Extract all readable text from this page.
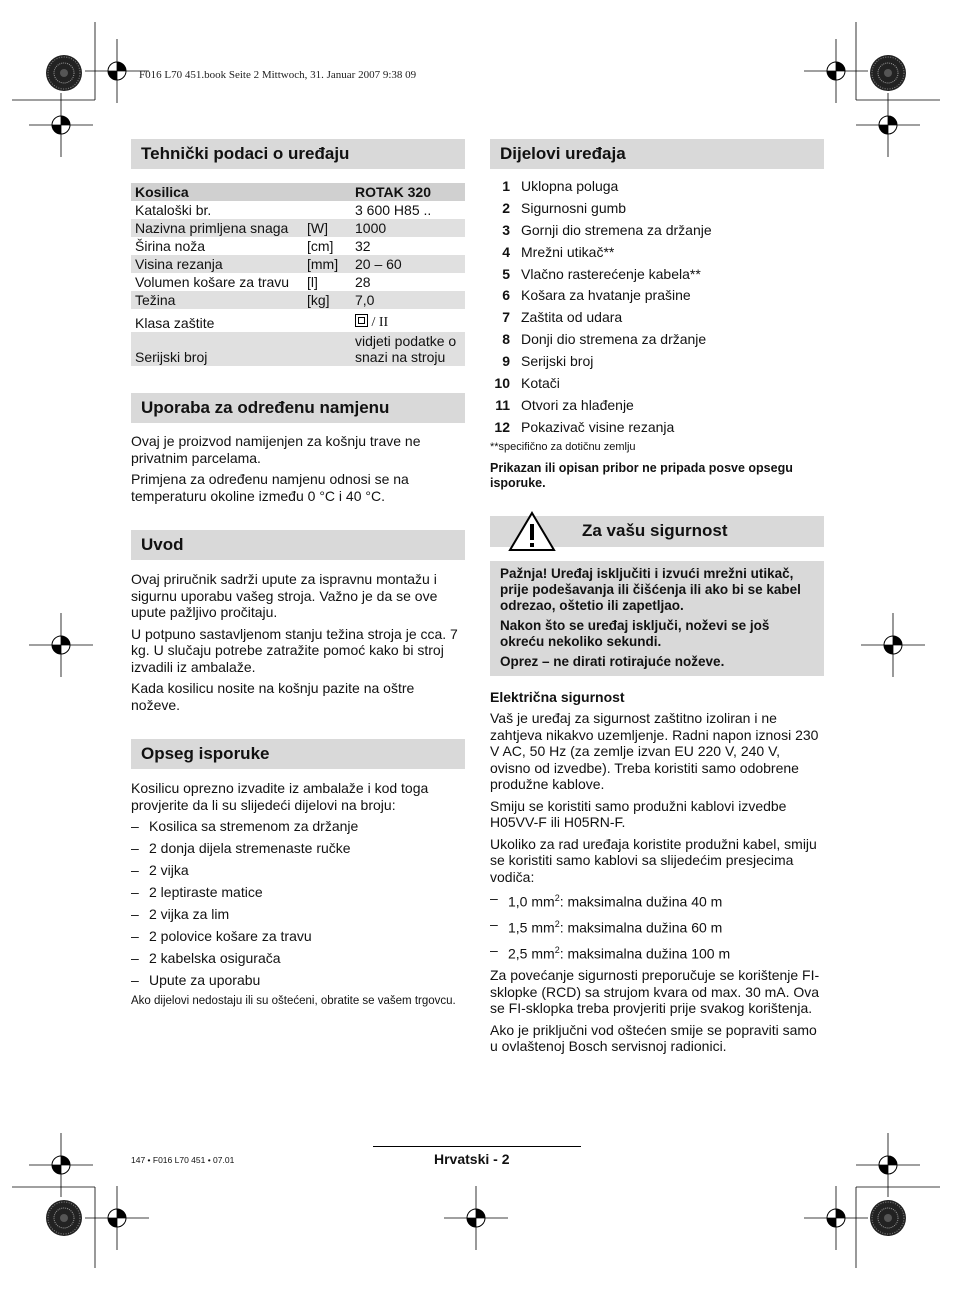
F016 L70 451.book Seite 2 Mittwoch, 31. Januar 2007 9:38 09
Tehnički podaci o uređaju
Kosilica		ROTAK 320
Kataloški br.		3 600 H85 ..
Nazivna primljena snaga	[W]	1000
Širina noža	[cm]	32
Visina rezanja	[mm]	20 – 60
Volumen košare za travu	[l]	28
Težina	[kg]	7,0
Klasa zaštite		/ II
Serijski broj		vidjeti podatke o snazi na stroju
Uporaba za određenu namjenu

Ovaj je proizvod namijenjen za košnju trave ne privatnim parcelama.

Primjena za određenu namjenu odnosi se na temperaturu okoline između 0 °C i 40 °C.

Uvod

Ovaj priručnik sadrži upute za ispravnu montažu i sigurnu uporabu vašeg stroja. Važno je da se ove upute pažljivo pročitaju.

U potpuno sastavljenom stanju težina stroja je cca. 7 kg. U slučaju potrebe zatražite pomoć kako bi stroj izvadili iz ambalaže.

Kada kosilicu nosite na košnju pazite na oštre noževe.

Opseg isporuke

Kosilicu oprezno izvadite iz ambalaže i kod toga provjerite da li su slijedeći dijelovi na broju:

– Kosilica sa stremenom za držanje
– 2 donja dijela stremenaste ručke
– 2 vijka
– 2 leptiraste matice
– 2 vijka za lim
– 2 polovice košare za travu
– 2 kabelska osigurača
– Upute za uporabu

Ako dijelovi nedostaju ili su oštećeni, obratite se vašem trgovcu.

Dijelovi uređaja
1 Uklopna poluga
2 Sigurnosni gumb
3 Gornji dio stremena za držanje
4 Mrežni utikač**
5 Vlačno rasterećenje kabela**
6 Košara za hvatanje prašine
7 Zaštita od udara
8 Donji dio stremena za držanje
9 Serijski broj
10 Kotači
11 Otvori za hlađenje
12 Pokazivač visine rezanja

**specifično za dotičnu zemlju

Prikazan ili opisan pribor ne pripada posve opsegu isporuke.

Za vašu sigurnost

Pažnja! Uređaj isključiti i izvući mrežni utikač, prije podešavanja ili čišćenja ili ako bi se kabel odrezao, oštetio ili zapetljao.

Nakon što se uređaj isključi, noževi se još okreću nekoliko sekundi.

Oprez – ne dirati rotirajuće noževe.

Električna sigurnost

Vaš je uređaj za sigurnost zaštitno izoliran i ne zahtjeva nikakvo uzemljenje. Radni napon iznosi 230 V AC, 50 Hz (za zemlje izvan EU 220 V, 240 V, ovisno od izvedbe). Treba koristiti samo odobrene produžne kablove.

Smiju se koristiti samo produžni kablovi izvedbe H05VV-F ili H05RN-F.

Ukoliko za rad uređaja koristite produžni kabel, smiju se koristiti samo kablovi sa slijedećim presjecima vodiča:

– 1,0 $mm^2$: maksimalna dužina 40 m
– 1,5 $mm^2$: maksimalna dužina 60 m
– 2,5 $mm^2$: maksimalna dužina 100 m

Za povećanje sigurnosti preporučuje se korištenje FI-sklopke (RCD) sa strujom kvara od max. 30 mA. Ova se FI-sklopka treba provjeriti prije svakog korištenja.

Ako je priključni vod oštećen smije se popraviti samo u ovlaštenoj Bosch servisnoj radionici.

147 • F016 L70 451 • 07.01	Hrvatski - 2
